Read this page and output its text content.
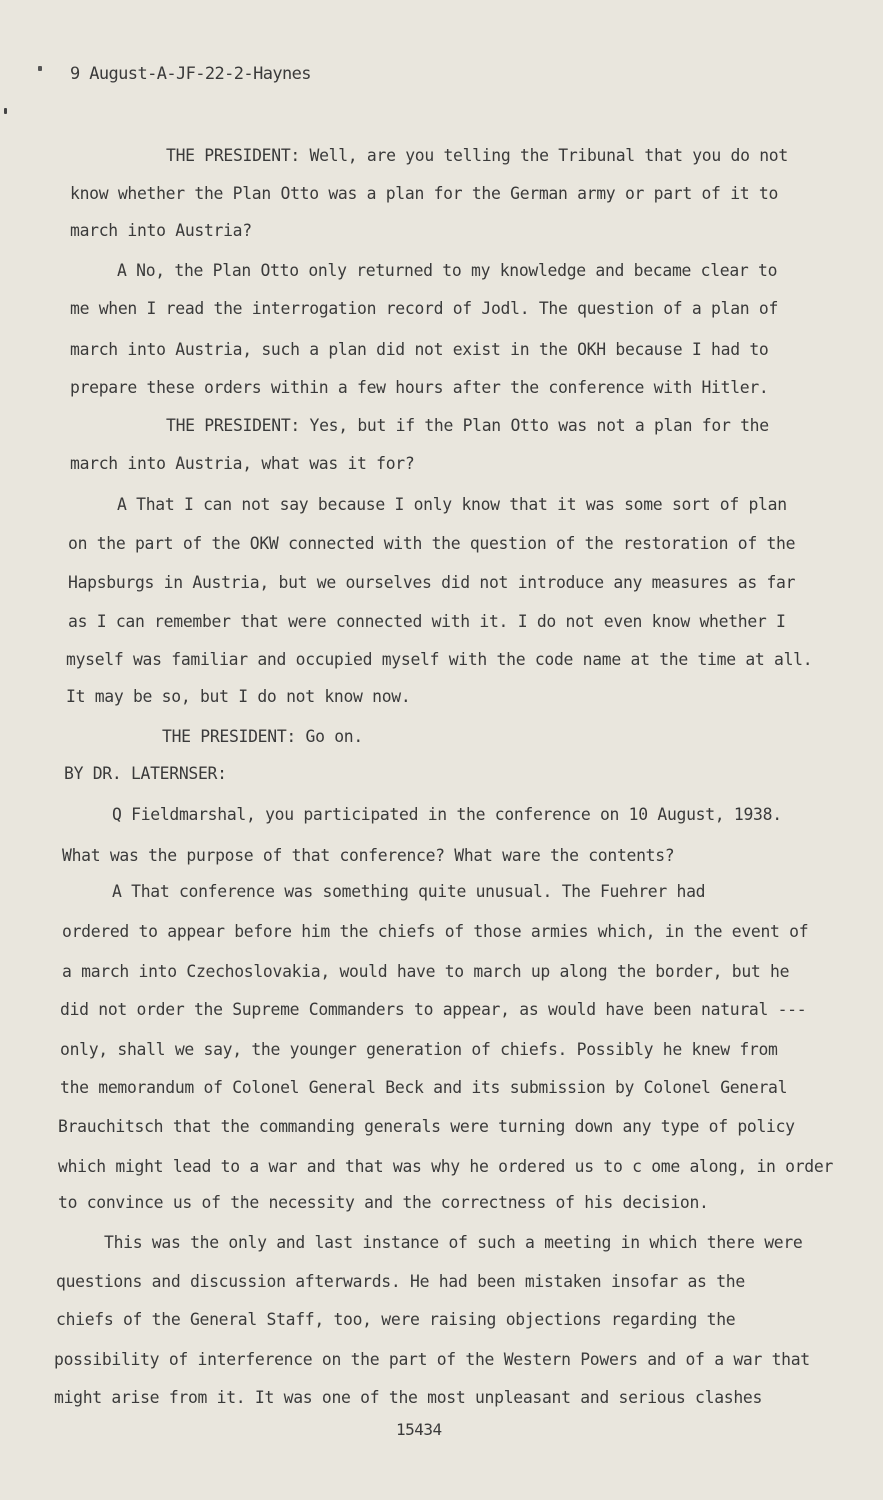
9 August-A-JF-22-2-Haynes
THE PRESIDENT: Well, are you telling the Tribunal that you do not
know whether the Plan Otto was a plan for the German army or part of it to
march into Austria?
A No, the Plan Otto only returned to my knowledge and became clear to
me when I read the interrogation record of Jodl. The question of a plan of
march into Austria, such a plan did not exist in the OKH because I had to
prepare these orders within a few hours after the conference with Hitler.
THE PRESIDENT: Yes, but if the Plan Otto was not a plan for the
march into Austria, what was it for?
A That I can not say because I only know that it was some sort of plan
on the part of the OKW connected with the question of the restoration of the
Hapsburgs in Austria, but we ourselves did not introduce any measures as far
as I can remember that were connected with it. I do not even know whether I
myself was familiar and occupied myself with the code name at the time at all.
It may be so, but I do not know now.
THE PRESIDENT: Go on.
BY DR. LATERNSER:
Q Fieldmarshal, you participated in the conference on 10 August, 1938.
What was the purpose of that conference? What ware the contents?
A That conference was something quite unusual. The Fuehrer had
ordered to appear before him the chiefs of those armies which, in the event of
a march into Czechoslovakia, would have to march up along the border, but he
did not order the Supreme Commanders to appear, as would have been natural ---
only, shall we say, the younger generation of chiefs. Possibly he knew from
the memorandum of Colonel General Beck and its submission by Colonel General
Brauchitsch that the commanding generals were turning down any type of policy
which might lead to a war and that was why he ordered us to c ome along, in order
to convince us of the necessity and the correctness of his decision.
This was the only and last instance of such a meeting in which there were
questions and discussion afterwards. He had been mistaken insofar as the
chiefs of the General Staff, too, were raising objections regarding the
possibility of interference on the part of the Western Powers and of a war that
might arise from it. It was one of the most unpleasant and serious clashes
15434
